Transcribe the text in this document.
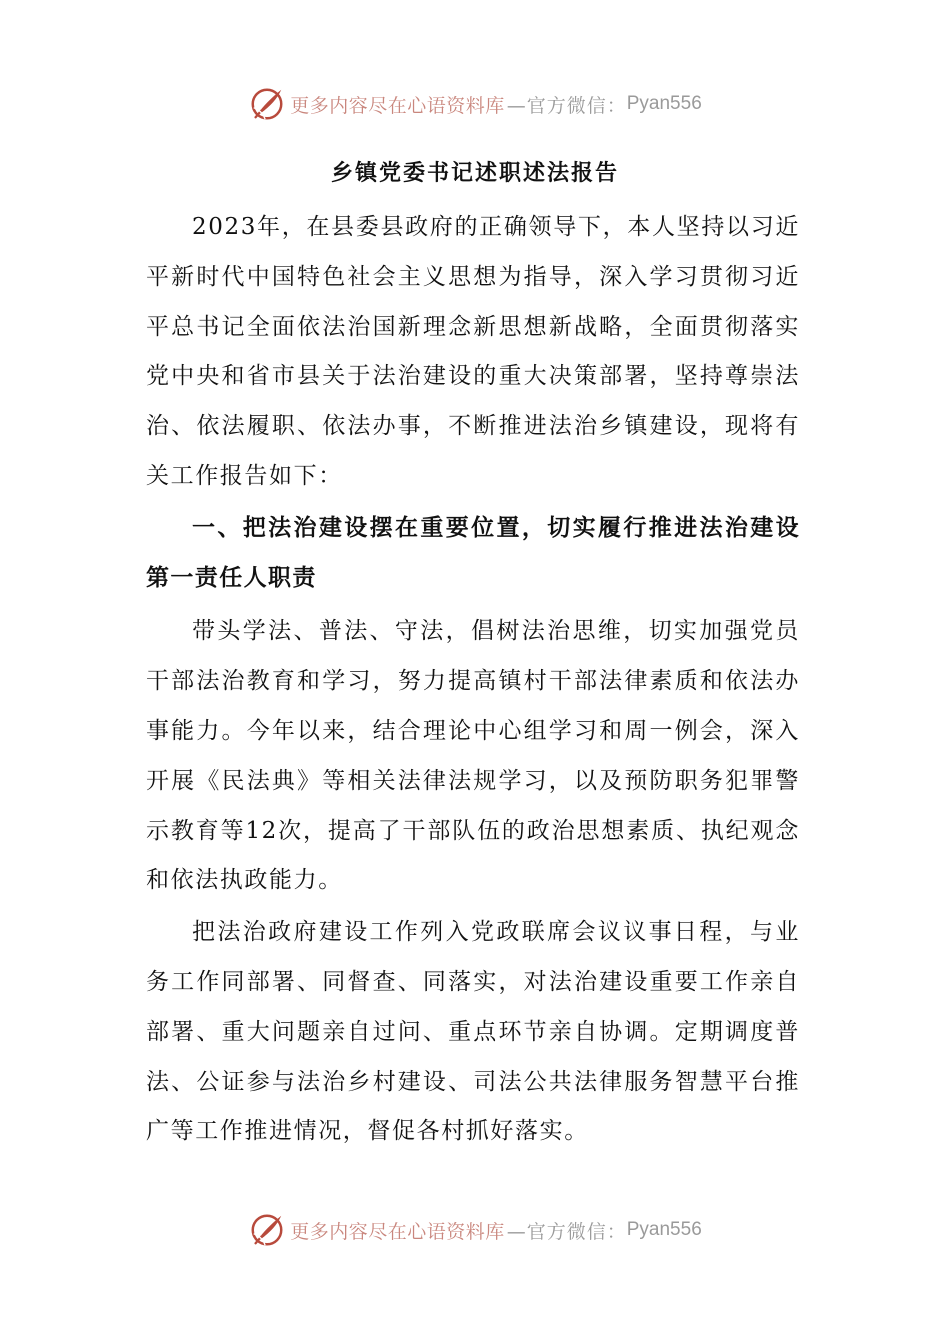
更多内容尽在心语资料库 —官方微信： Pyan556
乡镇党委书记述职述法报告

2023年，在县委县政府的正确领导下，本人坚持以习近平新时代中国特色社会主义思想为指导，深入学习贯彻习近平总书记全面依法治国新理念新思想新战略，全面贯彻落实党中央和省市县关于法治建设的重大决策部署，坚持尊崇法治、依法履职、依法办事，不断推进法治乡镇建设，现将有关工作报告如下：

一、把法治建设摆在重要位置，切实履行推进法治建设第一责任人职责

带头学法、普法、守法，倡树法治思维，切实加强党员干部法治教育和学习，努力提高镇村干部法律素质和依法办事能力。今年以来，结合理论中心组学习和周一例会，深入开展《民法典》等相关法律法规学习，以及预防职务犯罪警示教育等12次，提高了干部队伍的政治思想素质、执纪观念和依法执政能力。

把法治政府建设工作列入党政联席会议议事日程，与业务工作同部署、同督查、同落实，对法治建设重要工作亲自部署、重大问题亲自过问、重点环节亲自协调。定期调度普法、公证参与法治乡村建设、司法公共法律服务智慧平台推广等工作推进情况，督促各村抓好落实。

更多内容尽在心语资料库 —官方微信： Pyan556
